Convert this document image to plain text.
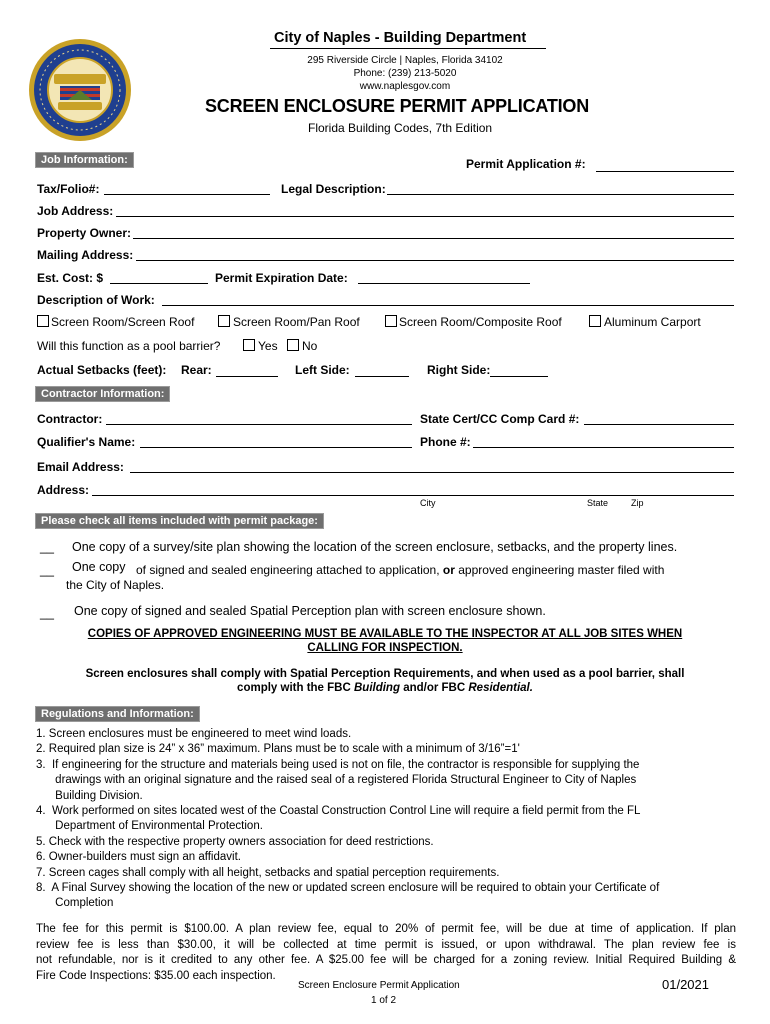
City of Naples - Building Department
295 Riverside Circle | Naples, Florida 34102
Phone: (239) 213-5020
www.naplesgov.com
SCREEN ENCLOSURE PERMIT APPLICATION
Florida Building Codes, 7th Edition
Job Information:	Permit Application #:
Tax/Folio#:	Legal Description:
Job Address:
Property Owner:
Mailing Address:
Est. Cost: $	Permit Expiration Date:
Description of Work:
Screen Room/Screen Roof	Screen Room/Pan Roof	Screen Room/Composite Roof	Aluminum Carport
Will this function as a pool barrier?	Yes No
Actual Setbacks (feet): Rear:	Left Side:	Right Side:
Contractor Information:
Contractor:	State Cert/CC Comp Card #:
Qualifier's Name:	Phone #:
Email Address:
Address:
City	State	Zip
Please check all items included with permit package:
__ One copy of a survey/site plan showing the location of the screen enclosure, setbacks, and the property lines.
__ One copy of signed and sealed engineering attached to application, or approved engineering master filed with
the City of Naples.
__ One copy of signed and sealed Spatial Perception plan with screen enclosure shown.
COPIES OF APPROVED ENGINEERING MUST BE AVAILABLE TO THE INSPECTOR AT ALL JOB SITES WHEN
CALLING FOR INSPECTION.
Screen enclosures shall comply with Spatial Perception Requirements, and when used as a pool barrier, shall
comply with the FBC Building and/or FBC Residential.
Regulations and Information:
1. Screen enclosures must be engineered to meet wind loads.
2. Required plan size is 24” x 36” maximum. Plans must be to scale with a minimum of 3/16”=1'
3.  If engineering for the structure and materials being used is not on file, the contractor is responsible for supplying the
drawings with an original signature and the raised seal of a registered Florida Structural Engineer to City of Naples
Building Division.
4.  Work performed on sites located west of the Coastal Construction Control Line will require a field permit from the FL
Department of Environmental Protection.
5. Check with the respective property owners association for deed restrictions.
6. Owner-builders must sign an affidavit.
7. Screen cages shall comply with all height, setbacks and spatial perception requirements.
8.  A Final Survey showing the location of the new or updated screen enclosure will be required to obtain your Certificate of
Completion
The fee for this permit is $100.00. A plan review fee, equal to 20% of permit fee, will be due at time of application. If plan
review fee is less than $30.00, it will be collected at time permit is issued, or upon withdrawal. The plan review fee is
not refundable, nor is it credited to any other fee. A $25.00 fee will be charged for a zoning review. Initial Required Building &
Fire Code Inspections: $35.00 each inspection.
Screen Enclosure Permit Application
1 of 2
01/2021
